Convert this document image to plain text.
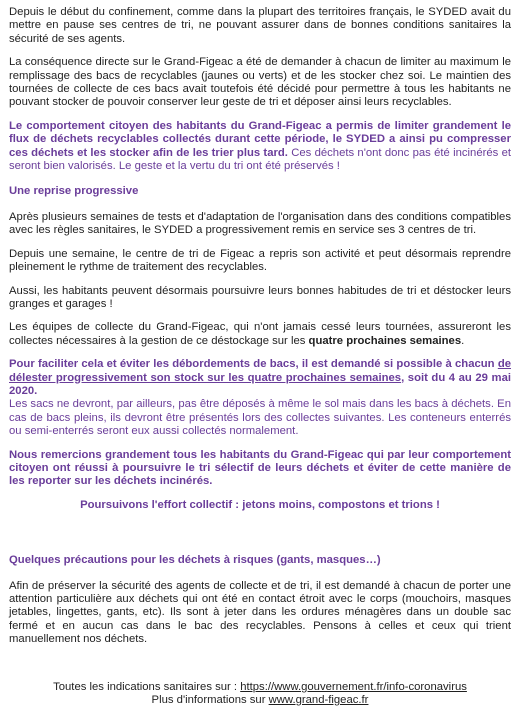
Depuis le début du confinement, comme dans la plupart des territoires français, le SYDED avait du mettre en pause ses centres de tri, ne pouvant assurer dans de bonnes conditions sanitaires la sécurité de ses agents.

La conséquence directe sur le Grand-Figeac a été de demander à chacun de limiter au maximum le remplissage des bacs de recyclables (jaunes ou verts) et de les stocker chez soi. Le maintien des tournées de collecte de ces bacs avait toutefois été décidé pour permettre à tous les habitants ne pouvant stocker de pouvoir conserver leur geste de tri et déposer ainsi leurs recyclables.

Le comportement citoyen des habitants du Grand-Figeac a permis de limiter grandement le flux de déchets recyclables collectés durant cette période, le SYDED a ainsi pu compresser ces déchets et les stocker afin de les trier plus tard. Ces déchets n'ont donc pas été incinérés et seront bien valorisés. Le geste et la vertu du tri ont été préservés !

Une reprise progressive

Après plusieurs semaines de tests et d'adaptation de l'organisation dans des conditions compatibles avec les règles sanitaires, le SYDED a progressivement remis en service ses 3 centres de tri.

Depuis une semaine, le centre de tri de Figeac a repris son activité et peut désormais reprendre pleinement le rythme de traitement des recyclables.

Aussi, les habitants peuvent désormais poursuivre leurs bonnes habitudes de tri et déstocker leurs granges et garages !

Les équipes de collecte du Grand-Figeac, qui n'ont jamais cessé leurs tournées, assureront les collectes nécessaires à la gestion de ce déstockage sur les quatre prochaines semaines.

Pour faciliter cela et éviter les débordements de bacs, il est demandé si possible à chacun de délester progressivement son stock sur les quatre prochaines semaines, soit du 4 au 29 mai 2020.
Les sacs ne devront, par ailleurs, pas être déposés à même le sol mais dans les bacs à déchets. En cas de bacs pleins, ils devront être présentés lors des collectes suivantes. Les conteneurs enterrés ou semi-enterrés seront eux aussi collectés normalement.

Nous remercions grandement tous les habitants du Grand-Figeac qui par leur comportement citoyen ont réussi à poursuivre le tri sélectif de leurs déchets et éviter de cette manière de les reporter sur les déchets incinérés.

Poursuivons l'effort collectif : jetons moins, compostons et trions !

Quelques précautions pour les déchets à risques (gants, masques…)

Afin de préserver la sécurité des agents de collecte et de tri, il est demandé à chacun de porter une attention particulière aux déchets qui ont été en contact étroit avec le corps (mouchoirs, masques jetables, lingettes, gants, etc). Ils sont à jeter dans les ordures ménagères dans un double sac fermé et en aucun cas dans le bac des recyclables. Pensons à celles et ceux qui trient manuellement nos déchets.

Toutes les indications sanitaires sur : https://www.gouvernement.fr/info-coronavirus

Plus d'informations sur www.grand-figeac.fr
